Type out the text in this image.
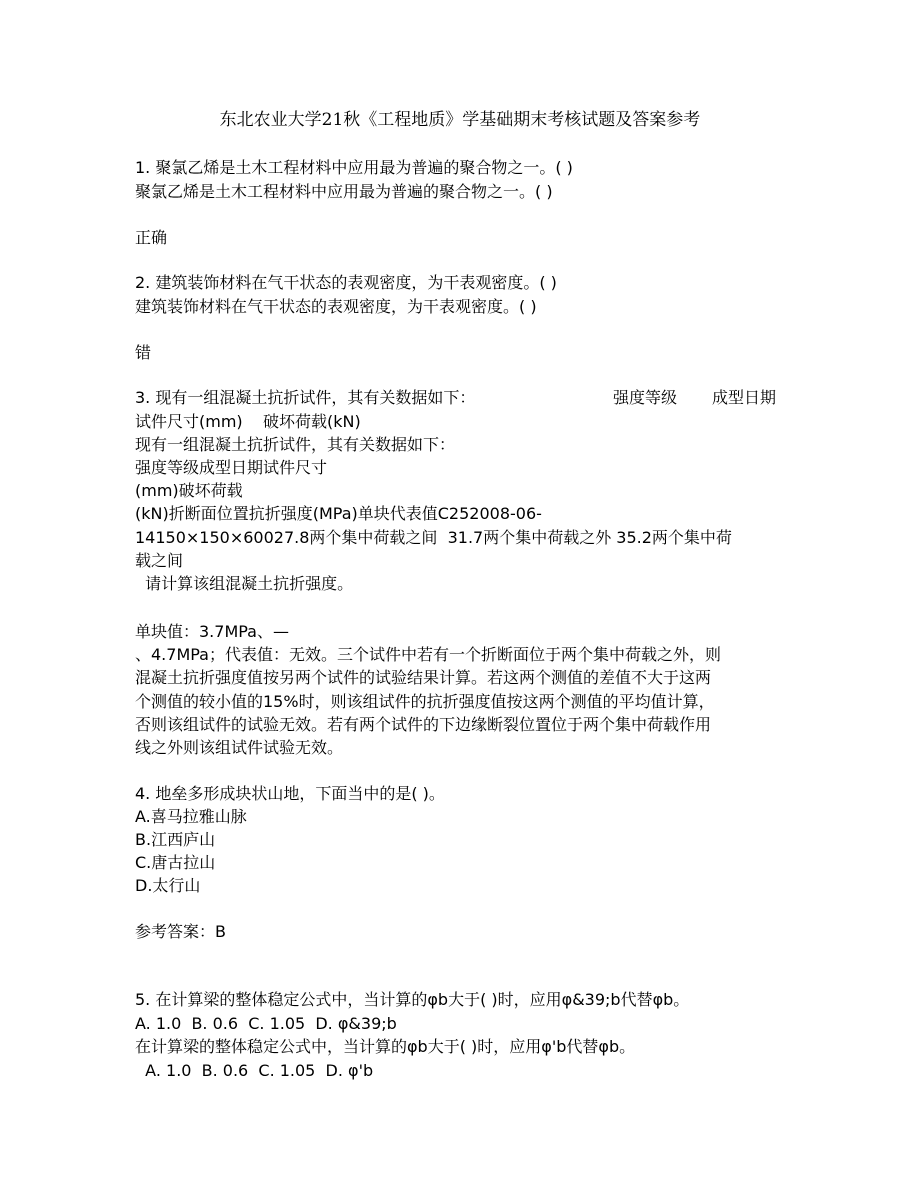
东北农业大学21秋《工程地质》学基础期末考核试题及答案参考
1. 聚氯乙烯是土木工程材料中应用最为普遍的聚合物之一。( )
聚氯乙烯是土木工程材料中应用最为普遍的聚合物之一。( )
正确
2. 建筑装饰材料在气干状态的表观密度，为干表观密度。( )
建筑装饰材料在气干状态的表观密度，为干表观密度。( )
错
3. 现有一组混凝土抗折试件，其有关数据如下：	强度等级 成型日期
试件尺寸(mm)    破坏荷载(kN)
现有一组混凝土抗折试件，其有关数据如下：
强度等级成型日期试件尺寸
(mm)破坏荷载
(kN)折断面位置抗折强度(MPa)单块代表值C252008-06-
14150×150×60027.8两个集中荷载之间  31.7两个集中荷载之外 35.2两个集中荷
载之间
请计算该组混凝土抗折强度。
单块值：3.7MPa、—
、4.7MPa；代表值：无效。三个试件中若有一个折断面位于两个集中荷载之外，则
混凝土抗折强度值按另两个试件的试验结果计算。若这两个测值的差值不大于这两
个测值的较小值的15%时，则该组试件的抗折强度值按这两个测值的平均值计算，
否则该组试件的试验无效。若有两个试件的下边缘断裂位置位于两个集中荷载作用
线之外则该组试件试验无效。
4. 地垒多形成块状山地，下面当中的是( )。
A.喜马拉雅山脉
B.江西庐山
C.唐古拉山
D.太行山
参考答案：B
5. 在计算梁的整体稳定公式中，当计算的φb大于( )时，应用φ&39;b代替φb。
A. 1.0  B. 0.6  C. 1.05  D. φ&39;b
在计算梁的整体稳定公式中，当计算的φb大于( )时，应用φ'b代替φb。
A. 1.0  B. 0.6  C. 1.05  D. φ'b
